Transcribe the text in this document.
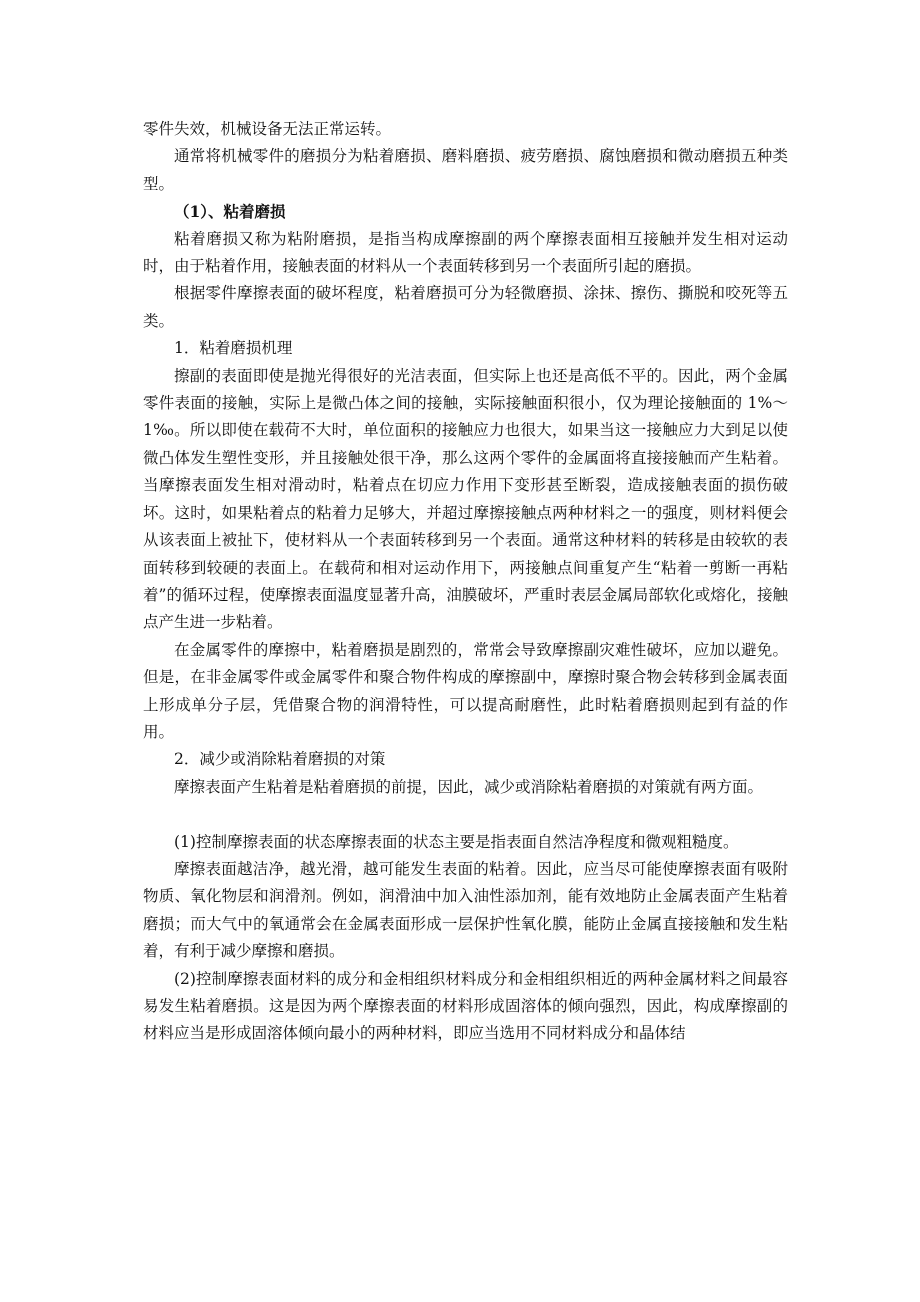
零件失效，机械设备无法正常运转。

通常将机械零件的磨损分为粘着磨损、磨料磨损、疲劳磨损、腐蚀磨损和微动磨损五种类型。

（1）、粘着磨损

粘着磨损又称为粘附磨损，是指当构成摩擦副的两个摩擦表面相互接触并发生相对运动时，由于粘着作用，接触表面的材料从一个表面转移到另一个表面所引起的磨损。

根据零件摩擦表面的破坏程度，粘着磨损可分为轻微磨损、涂抹、擦伤、撕脱和咬死等五类。

1．粘着磨损机理

擦副的表面即使是抛光得很好的光洁表面，但实际上也还是高低不平的。因此，两个金属零件表面的接触，实际上是微凸体之间的接触，实际接触面积很小，仅为理论接触面的 1%～1‰。所以即使在载荷不大时，单位面积的接触应力也很大，如果当这一接触应力大到足以使微凸体发生塑性变形，并且接触处很干净，那么这两个零件的金属面将直接接触而产生粘着。当摩擦表面发生相对滑动时，粘着点在切应力作用下变形甚至断裂，造成接触表面的损伤破坏。这时，如果粘着点的粘着力足够大，并超过摩擦接触点两种材料之一的强度，则材料便会从该表面上被扯下，使材料从一个表面转移到另一个表面。通常这种材料的转移是由较软的表面转移到较硬的表面上。在载荷和相对运动作用下，两接触点间重复产生“粘着一剪断一再粘着”的循环过程，使摩擦表面温度显著升高，油膜破坏，严重时表层金属局部软化或熔化，接触点产生进一步粘着。

在金属零件的摩擦中，粘着磨损是剧烈的，常常会导致摩擦副灾难性破坏，应加以避免。但是，在非金属零件或金属零件和聚合物件构成的摩擦副中，摩擦时聚合物会转移到金属表面上形成单分子层，凭借聚合物的润滑特性，可以提高耐磨性，此时粘着磨损则起到有益的作用。

2．减少或消除粘着磨损的对策

摩擦表面产生粘着是粘着磨损的前提，因此，减少或消除粘着磨损的对策就有两方面。

(1)控制摩擦表面的状态摩擦表面的状态主要是指表面自然洁净程度和微观粗糙度。

摩擦表面越洁净，越光滑，越可能发生表面的粘着。因此，应当尽可能使摩擦表面有吸附物质、氧化物层和润滑剂。例如，润滑油中加入油性添加剂，能有效地防止金属表面产生粘着磨损；而大气中的氧通常会在金属表面形成一层保护性氧化膜，能防止金属直接接触和发生粘着，有利于减少摩擦和磨损。

(2)控制摩擦表面材料的成分和金相组织材料成分和金相组织相近的两种金属材料之间最容易发生粘着磨损。这是因为两个摩擦表面的材料形成固溶体的倾向强烈，因此，构成摩擦副的材料应当是形成固溶体倾向最小的两种材料，即应当选用不同材料成分和晶体结
